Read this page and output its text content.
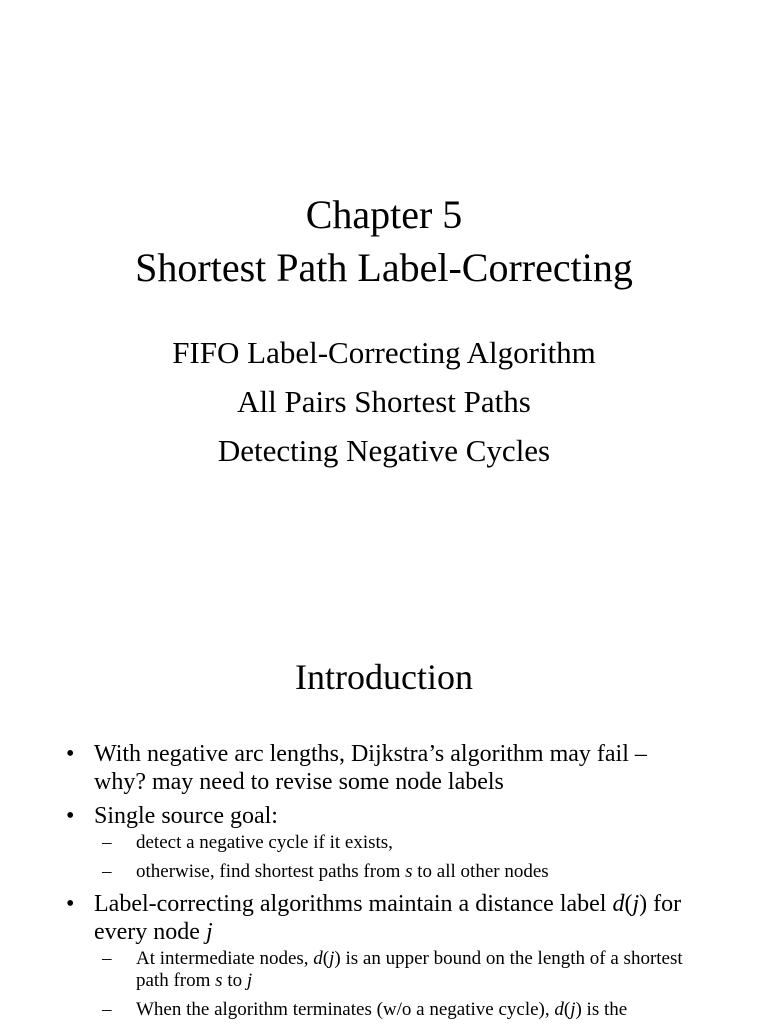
Chapter 5
Shortest Path Label-Correcting
FIFO Label-Correcting Algorithm
All Pairs Shortest Paths
Detecting Negative Cycles
Introduction
• With negative arc lengths, Dijkstra’s algorithm may fail – why? may need to revise some node labels
• Single source goal:
– detect a negative cycle if it exists,
– otherwise, find shortest paths from s to all other nodes
• Label-correcting algorithms maintain a distance label d(j) for every node j
– At intermediate nodes, d(j) is an upper bound on the length of a shortest path from s to j
– When the algorithm terminates (w/o a negative cycle), d(j) is the
